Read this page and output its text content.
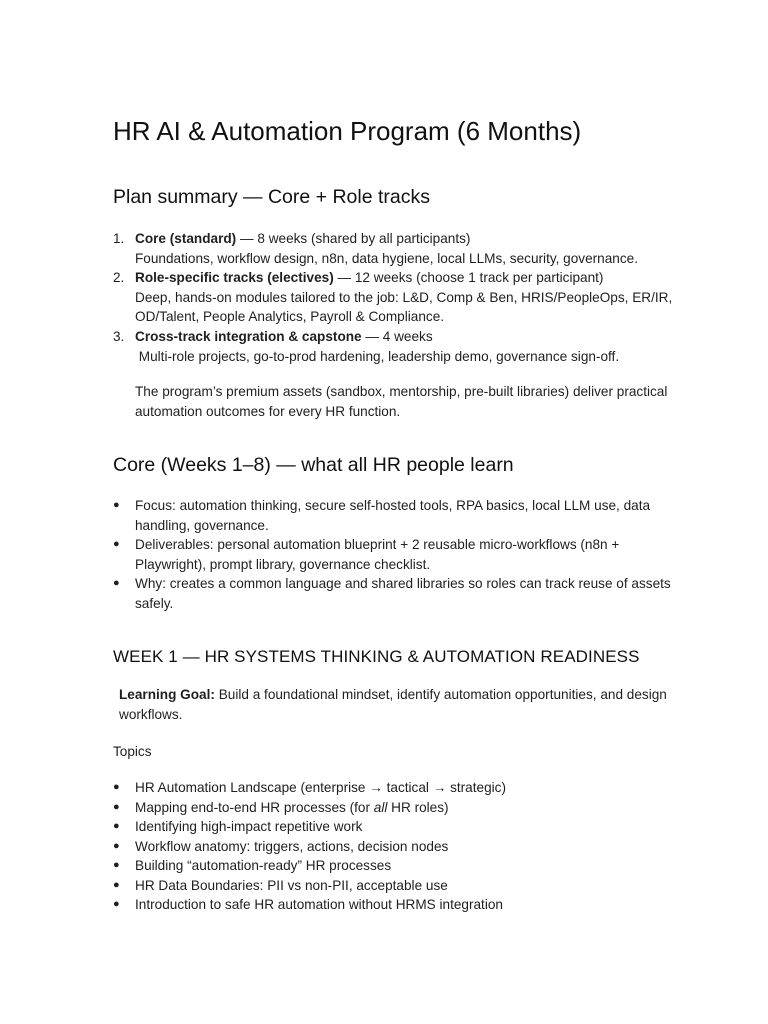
HR AI & Automation Program (6 Months)
Plan summary — Core + Role tracks
1. Core (standard) — 8 weeks (shared by all participants)
Foundations, workflow design, n8n, data hygiene, local LLMs, security, governance.
2. Role-specific tracks (electives) — 12 weeks (choose 1 track per participant)
Deep, hands-on modules tailored to the job: L&D, Comp & Ben, HRIS/PeopleOps, ER/IR,
OD/Talent, People Analytics, Payroll & Compliance.
3. Cross-track integration & capstone — 4 weeks
Multi-role projects, go-to-prod hardening, leadership demo, governance sign-off.
The program’s premium assets (sandbox, mentorship, pre-built libraries) deliver practical
automation outcomes for every HR function.
Core (Weeks 1–8) — what all HR people learn
● Focus: automation thinking, secure self-hosted tools, RPA basics, local LLM use, data
handling, governance.
● Deliverables: personal automation blueprint + 2 reusable micro-workflows (n8n +
Playwright), prompt library, governance checklist.
● Why: creates a common language and shared libraries so roles can track reuse of assets
safely.
WEEK 1 — HR SYSTEMS THINKING & AUTOMATION READINESS
Learning Goal: Build a foundational mindset, identify automation opportunities, and design
workflows.
Topics
● HR Automation Landscape (enterprise → tactical → strategic)
● Mapping end-to-end HR processes (for all HR roles)
● Identifying high-impact repetitive work
● Workflow anatomy: triggers, actions, decision nodes
● Building “automation-ready” HR processes
● HR Data Boundaries: PII vs non-PII, acceptable use
● Introduction to safe HR automation without HRMS integration
